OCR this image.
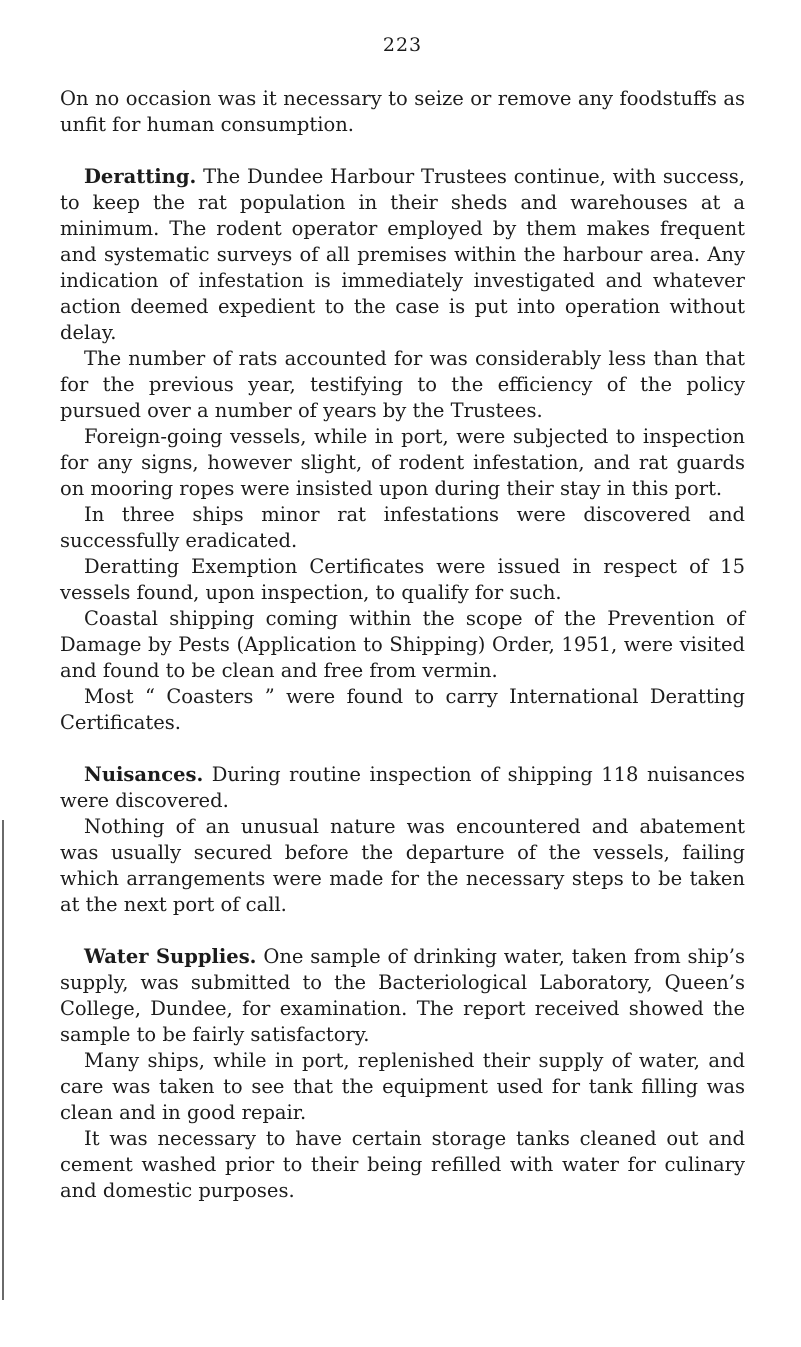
223

On no occasion was it necessary to seize or remove any foodstuffs as unfit for human consumption.

Deratting. The Dundee Harbour Trustees continue, with success, to keep the rat population in their sheds and warehouses at a minimum. The rodent operator employed by them makes frequent and systematic surveys of all premises within the harbour area. Any indication of infestation is immediately investigated and whatever action deemed expedient to the case is put into operation without delay.

The number of rats accounted for was considerably less than that for the previous year, testifying to the efficiency of the policy pursued over a number of years by the Trustees.

Foreign-going vessels, while in port, were subjected to inspection for any signs, however slight, of rodent infestation, and rat guards on mooring ropes were insisted upon during their stay in this port.

In three ships minor rat infestations were discovered and successfully eradicated.

Deratting Exemption Certificates were issued in respect of 15 vessels found, upon inspection, to qualify for such.

Coastal shipping coming within the scope of the Prevention of Damage by Pests (Application to Shipping) Order, 1951, were visited and found to be clean and free from vermin.

Most “ Coasters ” were found to carry International Deratting Certificates.

Nuisances. During routine inspection of shipping 118 nuisances were discovered.

Nothing of an unusual nature was encountered and abatement was usually secured before the departure of the vessels, failing which arrangements were made for the necessary steps to be taken at the next port of call.

Water Supplies. One sample of drinking water, taken from ship’s supply, was submitted to the Bacteriological Laboratory, Queen’s College, Dundee, for examination. The report received showed the sample to be fairly satisfactory.

Many ships, while in port, replenished their supply of water, and care was taken to see that the equipment used for tank filling was clean and in good repair.

It was necessary to have certain storage tanks cleaned out and cement washed prior to their being refilled with water for culinary and domestic purposes.
